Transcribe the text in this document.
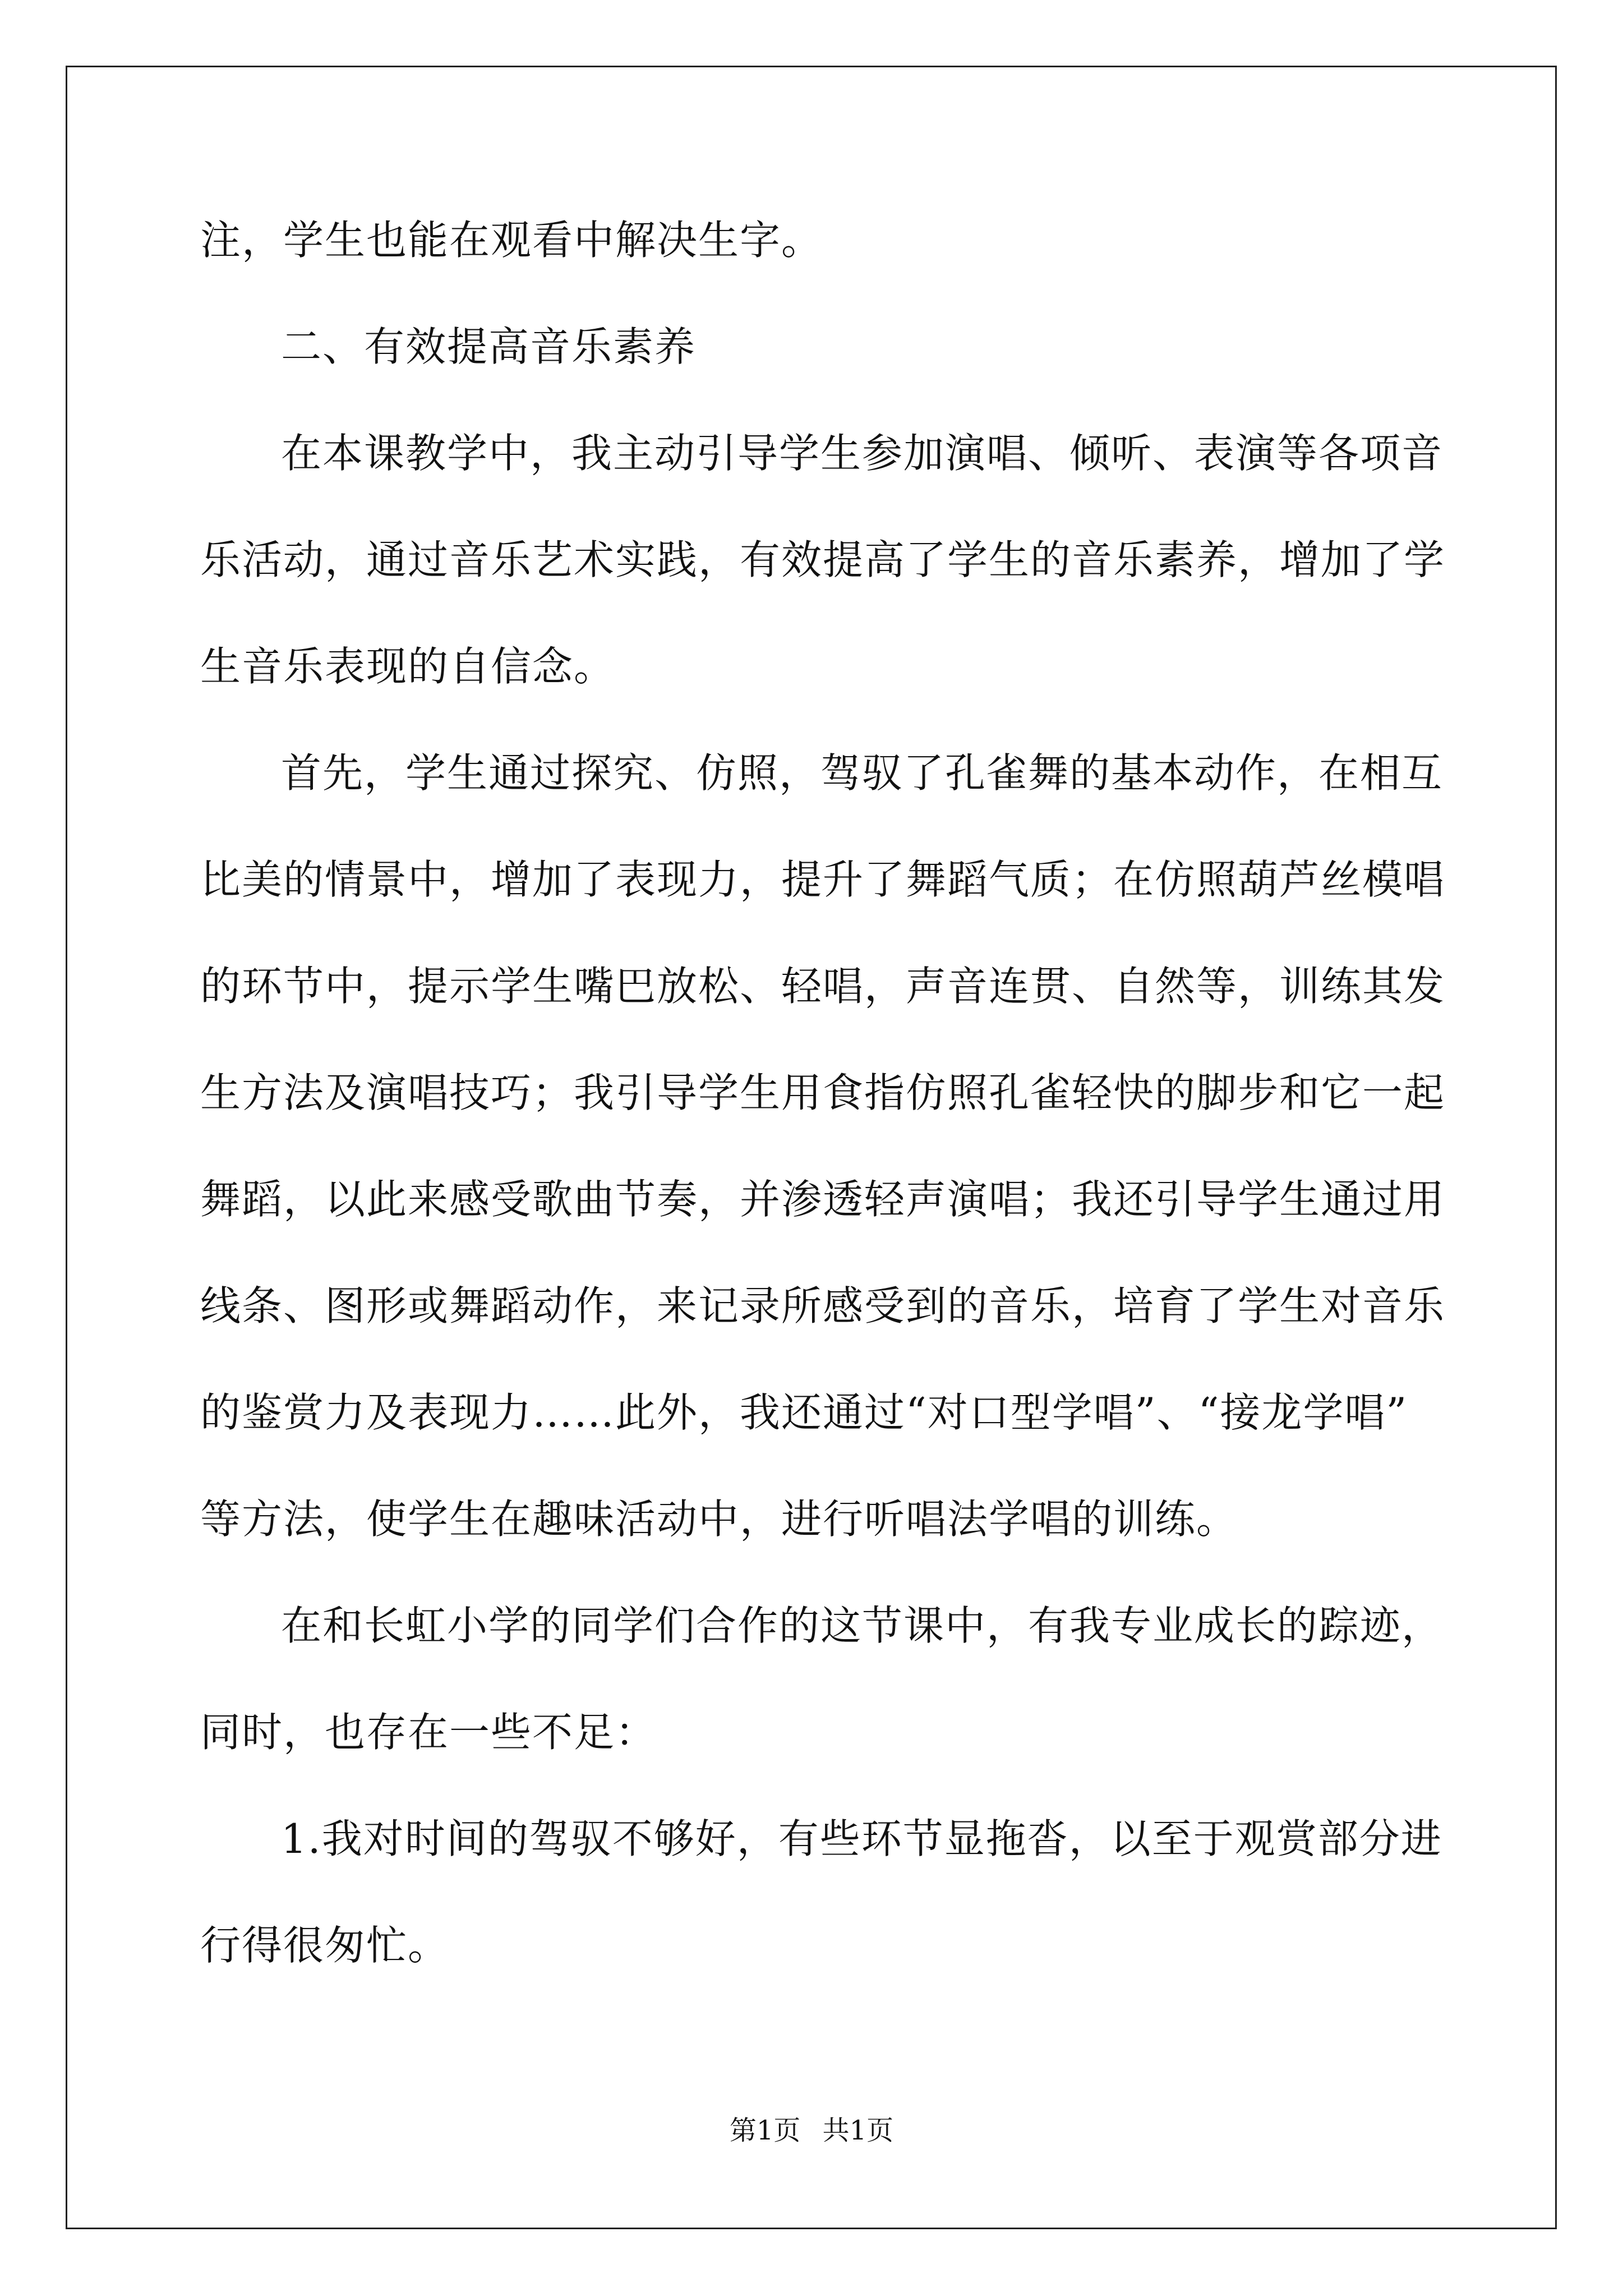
注，学生也能在观看中解决生字。
二、有效提高音乐素养
在本课教学中，我主动引导学生参加演唱、倾听、表演等各项音
乐活动，通过音乐艺术实践，有效提高了学生的音乐素养，增加了学
生音乐表现的自信念。
首先，学生通过探究、仿照，驾驭了孔雀舞的基本动作，在相互
比美的情景中，增加了表现力，提升了舞蹈气质；在仿照葫芦丝模唱
的环节中，提示学生嘴巴放松、轻唱，声音连贯、自然等，训练其发
生方法及演唱技巧；我引导学生用食指仿照孔雀轻快的脚步和它一起
舞蹈，以此来感受歌曲节奏，并渗透轻声演唱；我还引导学生通过用
线条、图形或舞蹈动作，来记录所感受到的音乐，培育了学生对音乐
的鉴赏力及表现力……此外，我还通过“对口型学唱”、“接龙学唱”
等方法，使学生在趣味活动中，进行听唱法学唱的训练。
在和长虹小学的同学们合作的这节课中，有我专业成长的踪迹，
同时，也存在一些不足：
1.我对时间的驾驭不够好，有些环节显拖沓，以至于观赏部分进
行得很匆忙。
第1页 共1页
